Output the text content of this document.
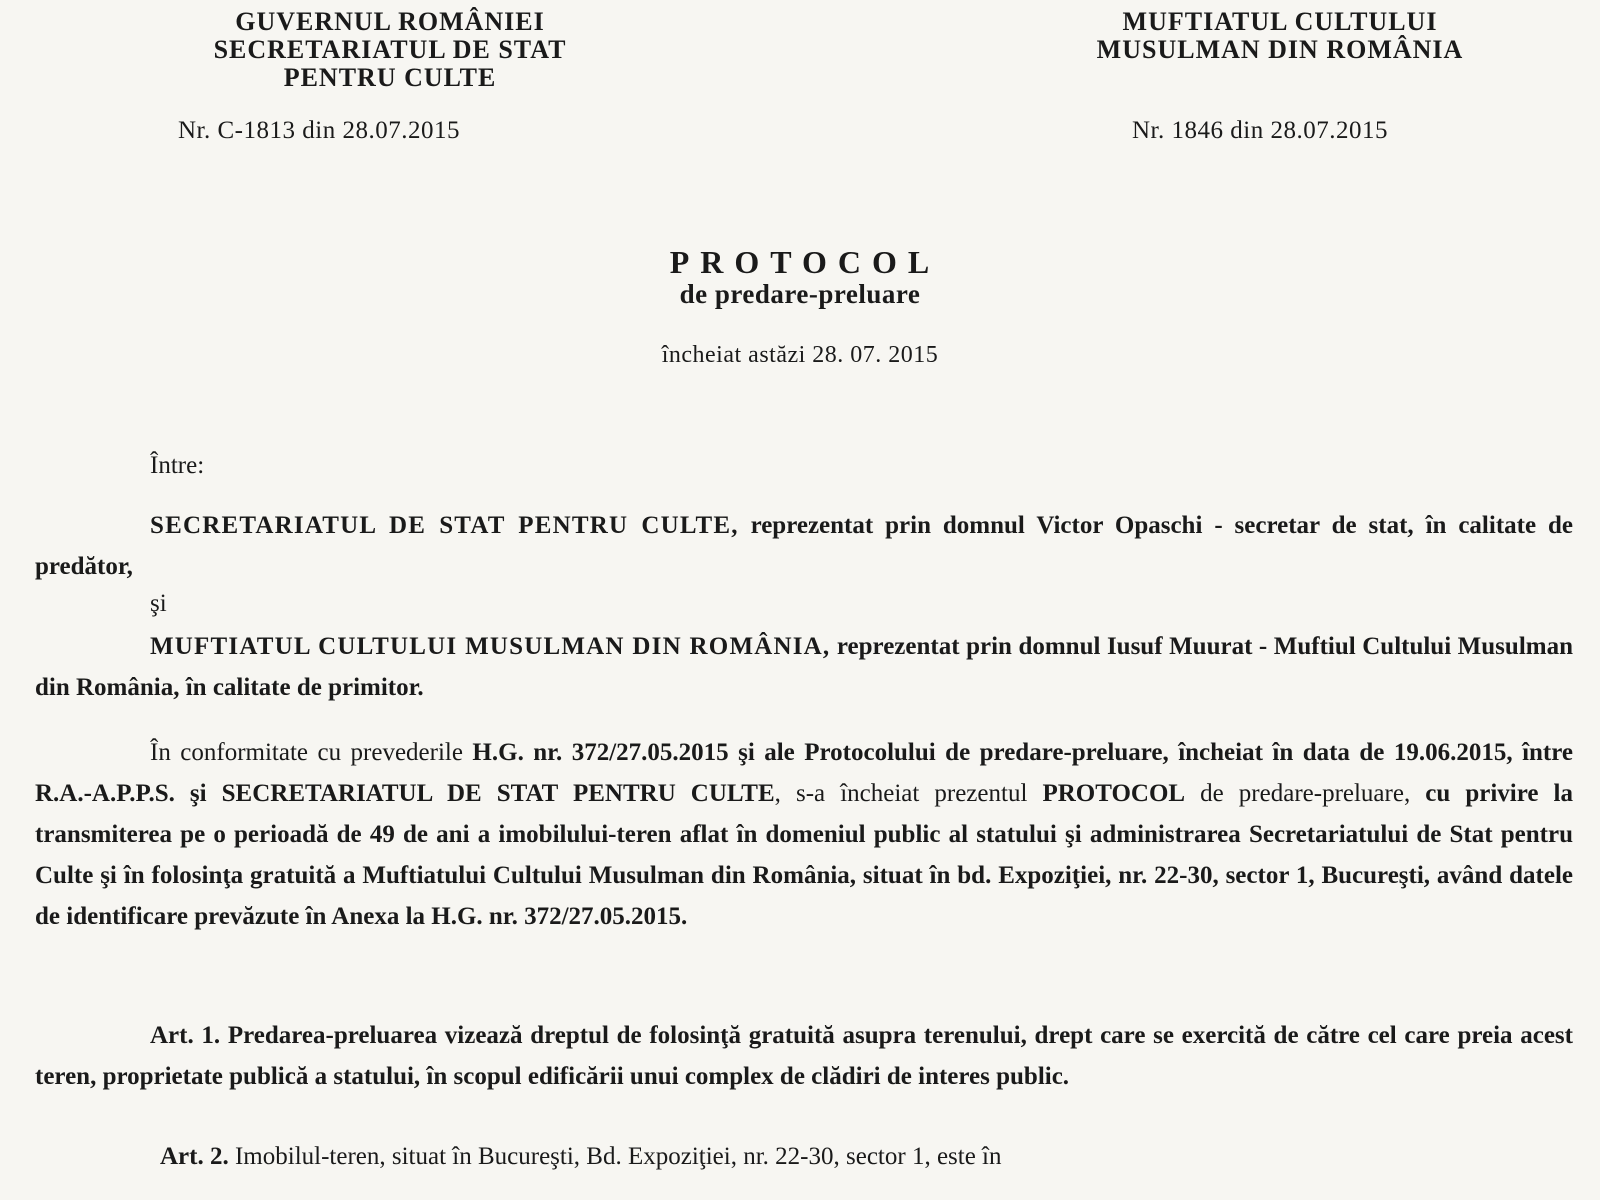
GUVERNUL ROMÂNIEI
SECRETARIATUL DE STAT
PENTRU CULTE
MUFTIATUL CULTULUI
MUSULMAN DIN ROMÂNIA
Nr. C-1813 din 28.07.2015	Nr. 1846 din 28.07.2015
PROTOCOL
de predare-preluare
încheiat astăzi 28. 07. 2015
Între:

SECRETARIATUL DE STAT PENTRU CULTE, reprezentat prin domnul Victor Opaschi - secretar de stat, în calitate de predător,

şi

MUFTIATUL CULTULUI MUSULMAN DIN ROMÂNIA, reprezentat prin domnul Iusuf Muurat - Muftiul Cultului Musulman din România, în calitate de primitor.

În conformitate cu prevederile H.G. nr. 372/27.05.2015 şi ale Protocolului de predare-preluare, încheiat în data de 19.06.2015, între R.A.-A.P.P.S. şi SECRETARIATUL DE STAT PENTRU CULTE, s-a încheiat prezentul PROTOCOL de predare-preluare, cu privire la transmiterea pe o perioadă de 49 de ani a imobilului-teren aflat în domeniul public al statului şi administrarea Secretariatului de Stat pentru Culte şi în folosinţa gratuită a Muftiatului Cultului Musulman din România, situat în bd. Expoziţiei, nr. 22-30, sector 1, Bucureşti, având datele de identificare prevăzute în Anexa la H.G. nr. 372/27.05.2015.

Art. 1. Predarea-preluarea vizează dreptul de folosinţă gratuită asupra terenului, drept care se exercită de către cel care preia acest teren, proprietate publică a statului, în scopul edificării unui complex de clădiri de interes public.

Art. 2. Imobilul-teren, situat în Bucureşti, Bd. Expoziţiei, nr. 22-30, sector 1, este în
